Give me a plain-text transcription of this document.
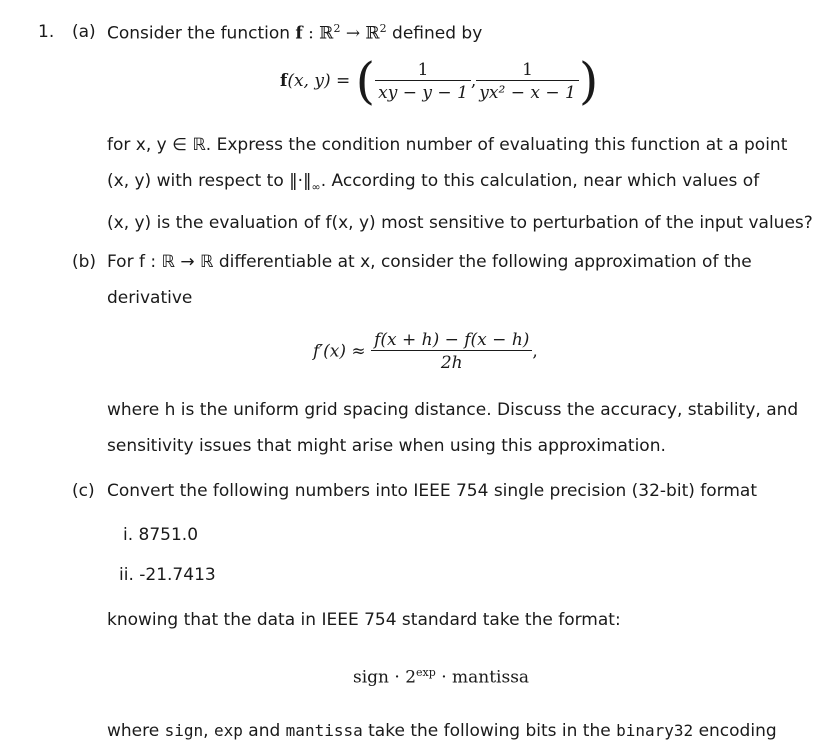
1. (a) Consider the function f : ℝ$^2$ → ℝ$^2$ defined by
f(x, y) = ( $\frac{1}{xy - y - 1}$ , $\frac{1}{\text{yx² − x − 1}}$ )
for x, y ∈ ℝ. Express the condition number of evaluating this function at a point
(x, y) with respect to $‖\cdot‖_\infty$. According to this calculation, near which values of
(x, y) is the evaluation of f(x, y) most sensitive to perturbation of the input values?
(b) For f : ℝ → ℝ differentiable at x, consider the following approximation of the
derivative
$f'(x) \approx \frac{f(x + h) - f(x - h)}{2h}$ ,
where h is the uniform grid spacing distance. Discuss the accuracy, stability, and
sensitivity issues that might arise when using this approximation.
(c) Convert the following numbers into IEEE 754 single precision (32-bit) format
i. 8751.0
ii. -21.7413
knowing that the data in IEEE 754 standard take the format:
sign · $2^{exp}$ · mantissa
where sign, exp and mantissa take the following bits in the binary32 encoding
